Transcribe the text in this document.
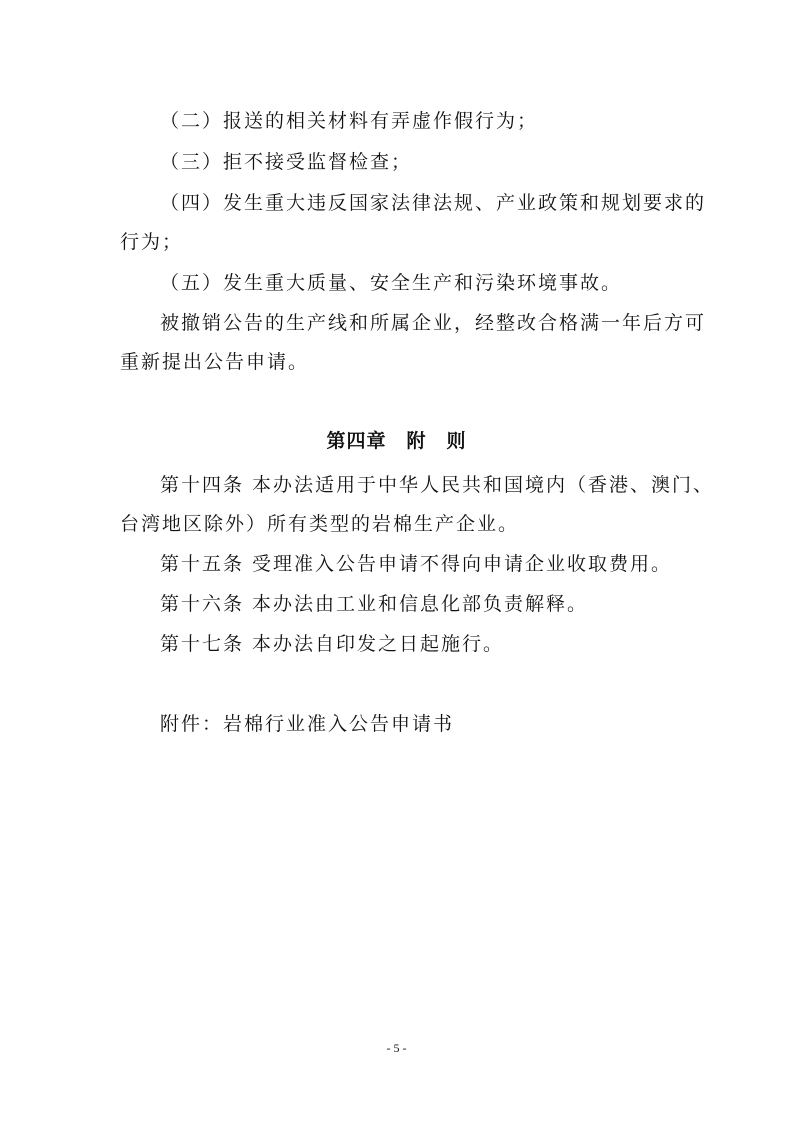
（二）报送的相关材料有弄虚作假行为；
（三）拒不接受监督检查；
（四）发生重大违反国家法律法规、产业政策和规划要求的
行为；
（五）发生重大质量、安全生产和污染环境事故。
被撤销公告的生产线和所属企业，经整改合格满一年后方可
重新提出公告申请。
第四章　附　则
第十四条 本办法适用于中华人民共和国境内（香港、澳门、
台湾地区除外）所有类型的岩棉生产企业。
第十五条 受理准入公告申请不得向申请企业收取费用。
第十六条 本办法由工业和信息化部负责解释。
第十七条 本办法自印发之日起施行。
附件：岩棉行业准入公告申请书
- 5 -
